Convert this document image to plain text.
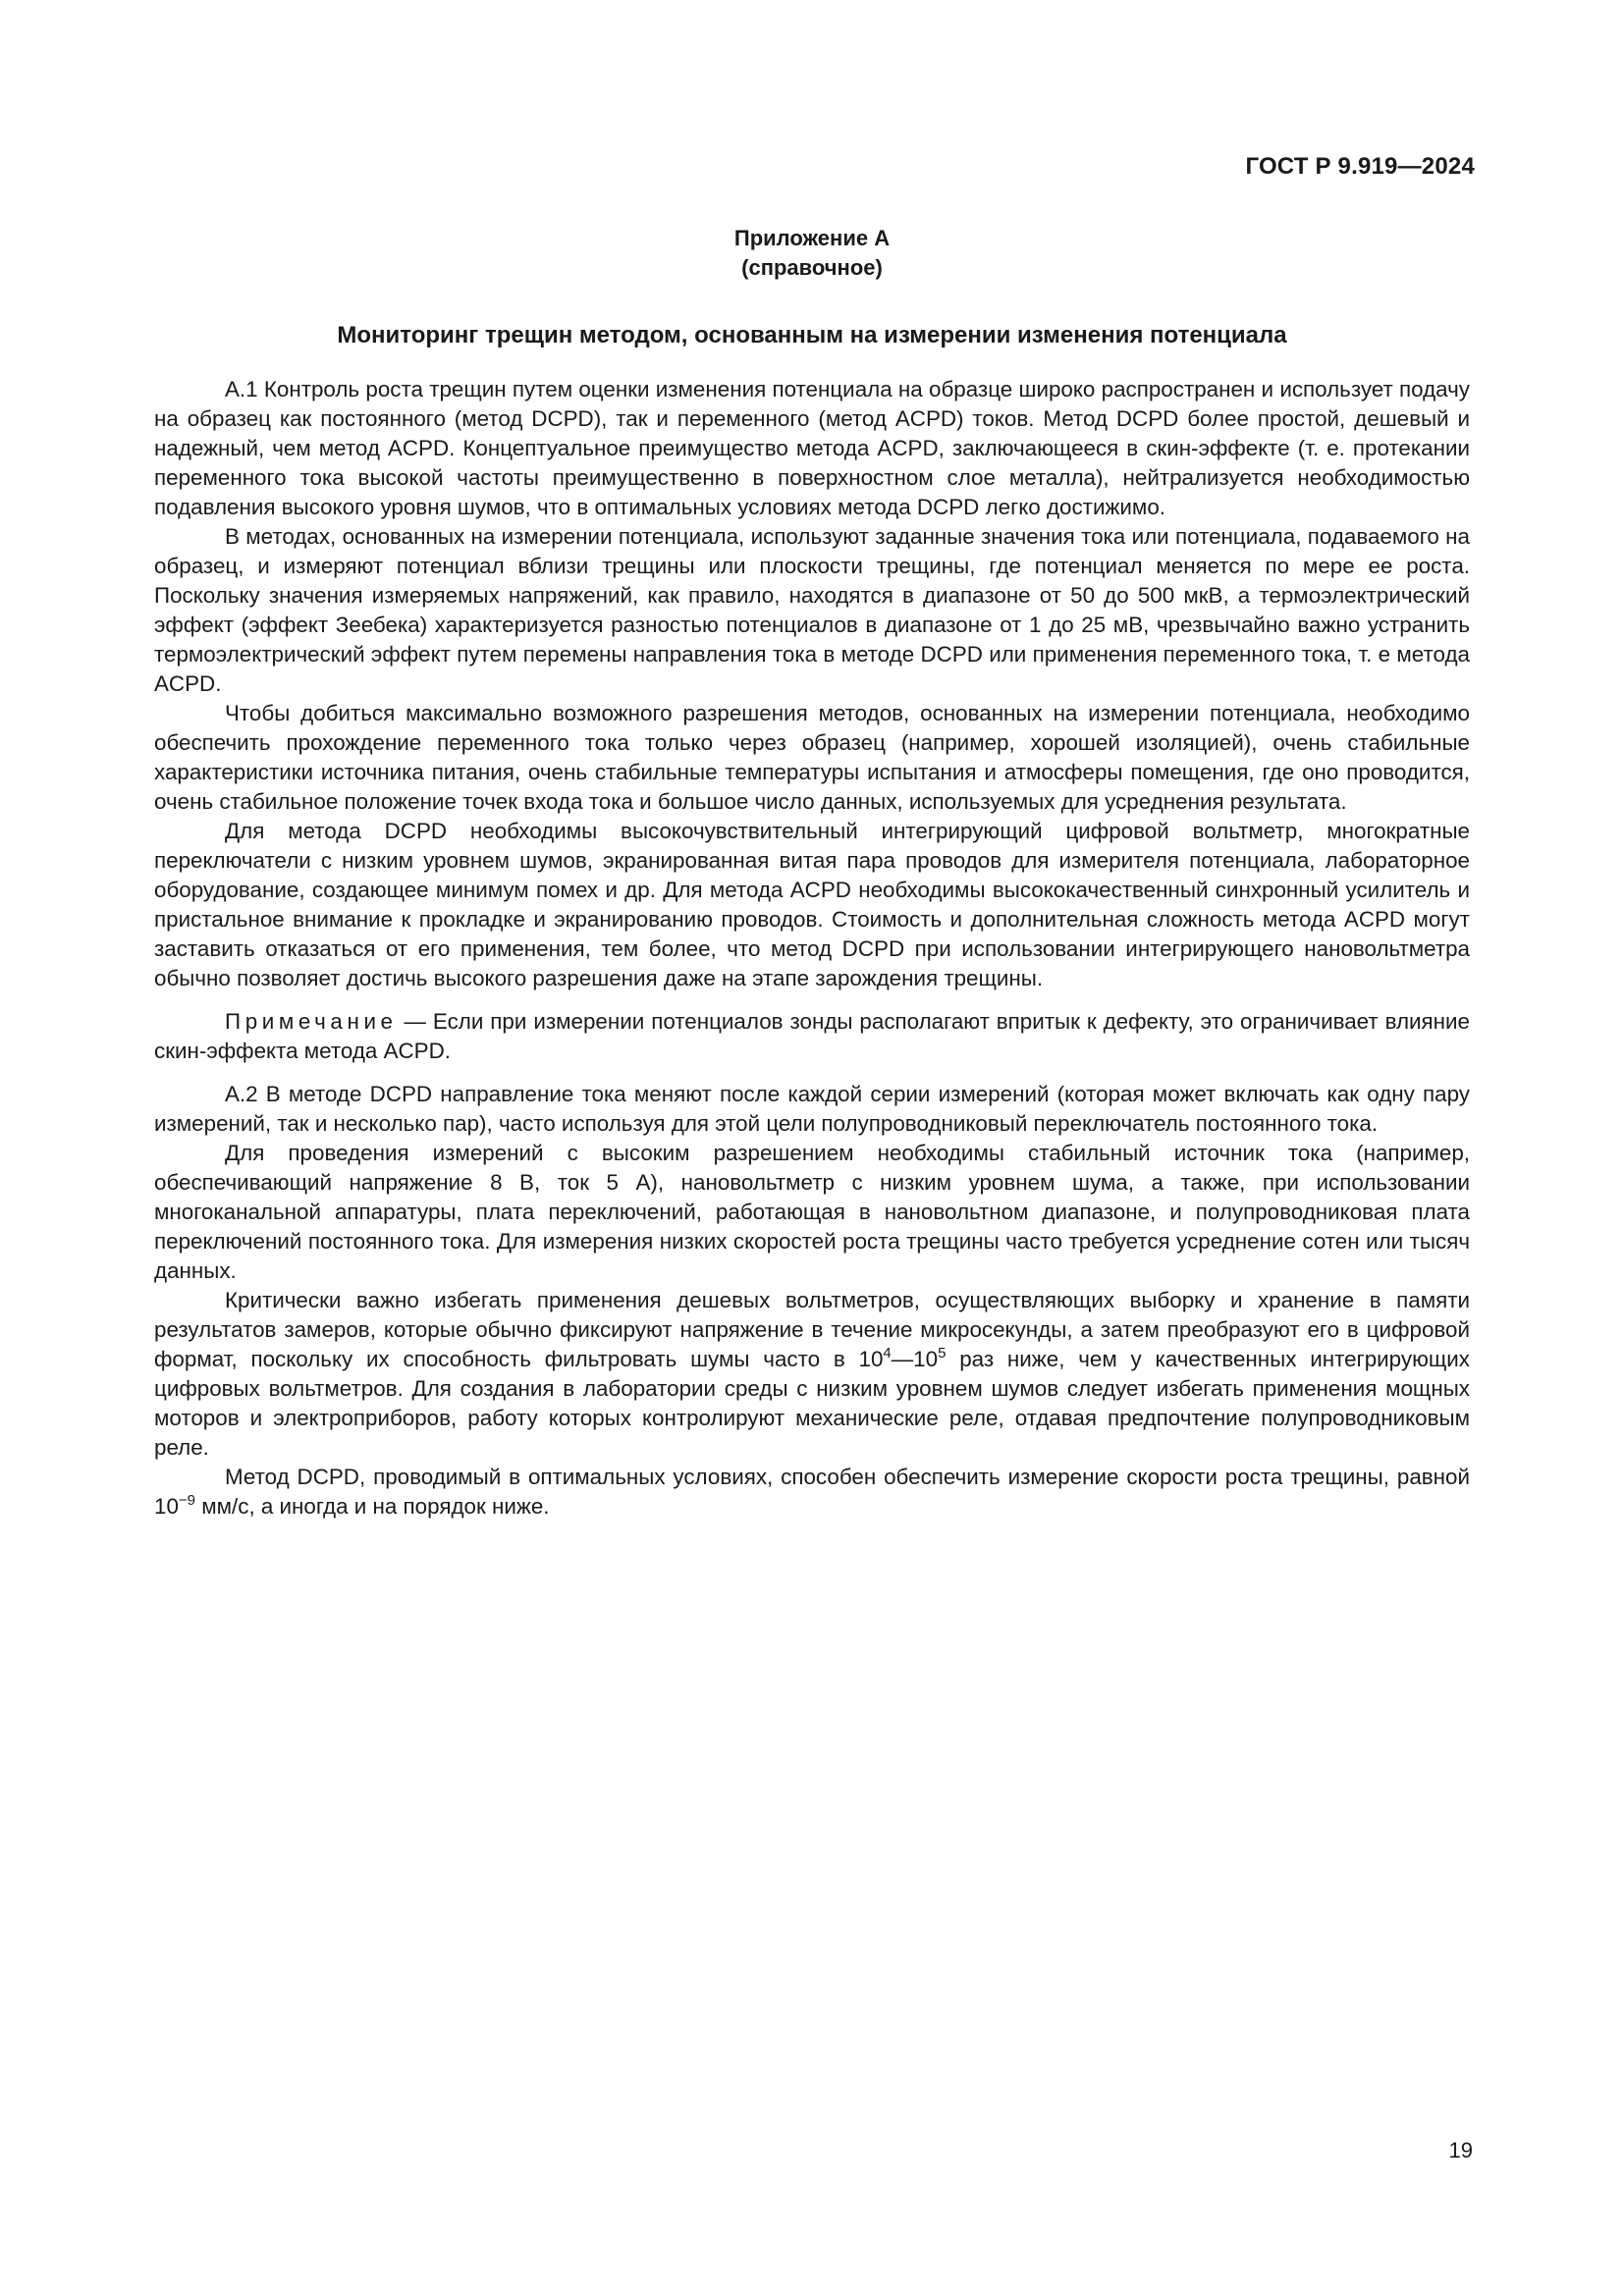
ГОСТ Р 9.919—2024

Приложение А

(справочное)

Мониторинг трещин методом, основанным на измерении изменения потенциала

А.1 Контроль роста трещин путем оценки изменения потенциала на образце широко распространен и использует подачу на образец как постоянного (метод DCPD), так и переменного (метод ACPD) токов. Метод DCPD более простой, дешевый и надежный, чем метод ACPD. Концептуальное преимущество метода ACPD, заключающееся в скин-эффекте (т. е. протекании переменного тока высокой частоты преимущественно в поверхностном слое металла), нейтрализуется необходимостью подавления высокого уровня шумов, что в оптимальных условиях метода DCPD легко достижимо.

В методах, основанных на измерении потенциала, используют заданные значения тока или потенциала, подаваемого на образец, и измеряют потенциал вблизи трещины или плоскости трещины, где потенциал меняется по мере ее роста. Поскольку значения измеряемых напряжений, как правило, находятся в диапазоне от 50 до 500 мкВ, а термоэлектрический эффект (эффект Зеебека) характеризуется разностью потенциалов в диапазоне от 1 до 25 мВ, чрезвычайно важно устранить термоэлектрический эффект путем перемены направления тока в методе DCPD или применения переменного тока, т. е метода ACPD.

Чтобы добиться максимально возможного разрешения методов, основанных на измерении потенциала, необходимо обеспечить прохождение переменного тока только через образец (например, хорошей изоляцией), очень стабильные характеристики источника питания, очень стабильные температуры испытания и атмосферы помещения, где оно проводится, очень стабильное положение точек входа тока и большое число данных, используемых для усреднения результата.

Для метода DCPD необходимы высокочувствительный интегрирующий цифровой вольтметр, многократные переключатели с низким уровнем шумов, экранированная витая пара проводов для измерителя потенциала, лабораторное оборудование, создающее минимум помех и др. Для метода ACPD необходимы высококачественный синхронный усилитель и пристальное внимание к прокладке и экранированию проводов. Стоимость и дополнительная сложность метода ACPD могут заставить отказаться от его применения, тем более, что метод DCPD при использовании интегрирующего нановольтметра обычно позволяет достичь высокого разрешения даже на этапе зарождения трещины.

Примечание — Если при измерении потенциалов зонды располагают впритык к дефекту, это ограничивает влияние скин-эффекта метода ACPD.

А.2 В методе DCPD направление тока меняют после каждой серии измерений (которая может включать как одну пару измерений, так и несколько пар), часто используя для этой цели полупроводниковый переключатель постоянного тока.

Для проведения измерений с высоким разрешением необходимы стабильный источник тока (например, обеспечивающий напряжение 8 В, ток 5 А), нановольтметр с низким уровнем шума, а также, при использовании многоканальной аппаратуры, плата переключений, работающая в нановольтном диапазоне, и полупроводниковая плата переключений постоянного тока. Для измерения низких скоростей роста трещины часто требуется усреднение сотен или тысяч данных.

Критически важно избегать применения дешевых вольтметров, осуществляющих выборку и хранение в памяти результатов замеров, которые обычно фиксируют напряжение в течение микросекунды, а затем преобразуют его в цифровой формат, поскольку их способность фильтровать шумы часто в $10^4—10^5$ раз ниже, чем у качественных интегрирующих цифровых вольтметров. Для создания в лаборатории среды с низким уровнем шумов следует избегать применения мощных моторов и электроприборов, работу которых контролируют механические реле, отдавая предпочтение полупроводниковым реле.

Метод DCPD, проводимый в оптимальных условиях, способен обеспечить измерение скорости роста трещины, равной $10^{-9}$ мм/с, а иногда и на порядок ниже.

19
